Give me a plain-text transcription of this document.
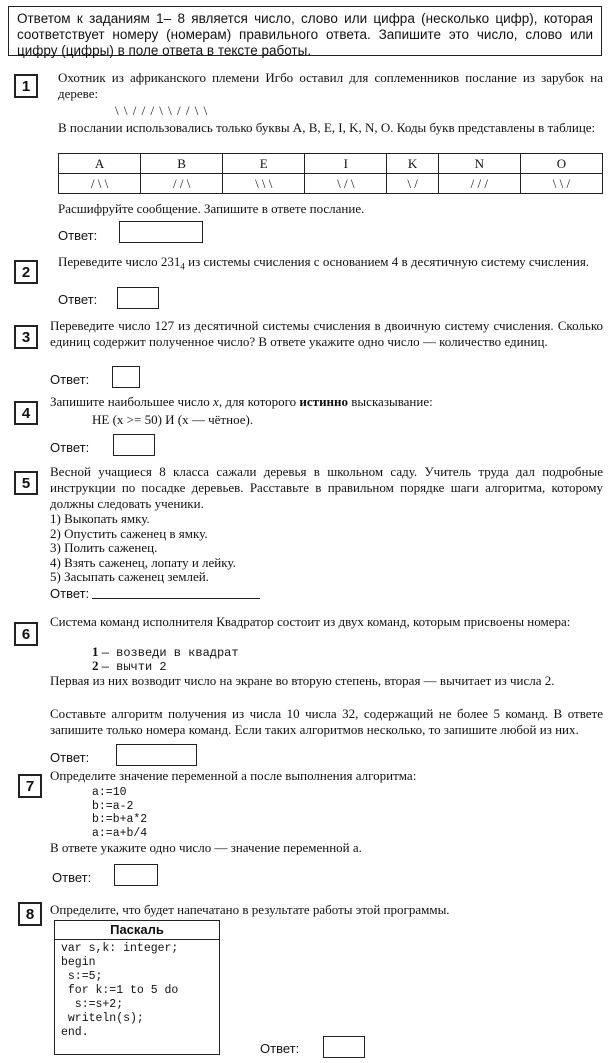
Ответом к заданиям 1– 8 является число, слово или цифра (несколько цифр), которая соответствует номеру (номерам) правильного ответа. Запишите это число, слово или цифру (цифры) в поле ответа в тексте работы.
1	Охотник из африканского племени Игбо оставил для соплеменников послание из зарубок на дереве:
\ \ / / / \ \ / / \ \
В послании использовались только буквы A, B, E, I, K, N, O. Коды букв представлены в таблице:
A	B	E	I	K	N	O
/ \ \	/ / \	\ \ \	\ / \	\ /	/ / /	\ \ /
Расшифруйте сообщение. Запишите в ответе послание.
Ответ:
2
Переведите число $231_4$ из системы счисления с основанием 4 в десятичную систему счисления.
Ответ:
3
Переведите число 127 из десятичной системы счисления в двоичную систему счисления. Сколько единиц содержит полученное число? В ответе укажите одно число — количество единиц.
Ответ:
4
Запишите наибольшее число x, для которого истинно высказывание:
НЕ (x >= 50) И (x — чётное).
Ответ:
5
Весной учащиеся 8 класса сажали деревья в школьном саду. Учитель труда дал подробные инструкции по посадке деревьев. Расставьте в правильном порядке шаги алгоритма, которому должны следовать ученики.
1) Выкопать ямку.
2) Опустить саженец в ямку.
3) Полить саженец.
4) Взять саженец, лопату и лейку.
5) Засыпать саженец землей.
Ответ:
6
Система команд исполнителя Квадратор состоит из двух команд, которым присвоены номера:
1 — возведи в квадрат
2 — вычти 2
Первая из них возводит число на экране во вторую степень, вторая — вычитает из числа 2.
Составьте алгоритм получения из числа 10 числа 32, содержащий не более 5 команд. В ответе запишите только номера команд. Если таких алгоритмов несколько, то запишите любой из них.
Ответ:
7
Определите значение переменной a после выполнения алгоритма:
a:=10
b:=a-2
b:=b+a*2
a:=a+b/4
В ответе укажите одно число — значение переменной a.
Ответ:
8	Определите, что будет напечатано в результате работы этой программы.
Паскаль
var s,k: integer;
begin
s:=5;
for k:=1 to 5 do
s:=s+2;
writeln(s);
end.
Ответ:
